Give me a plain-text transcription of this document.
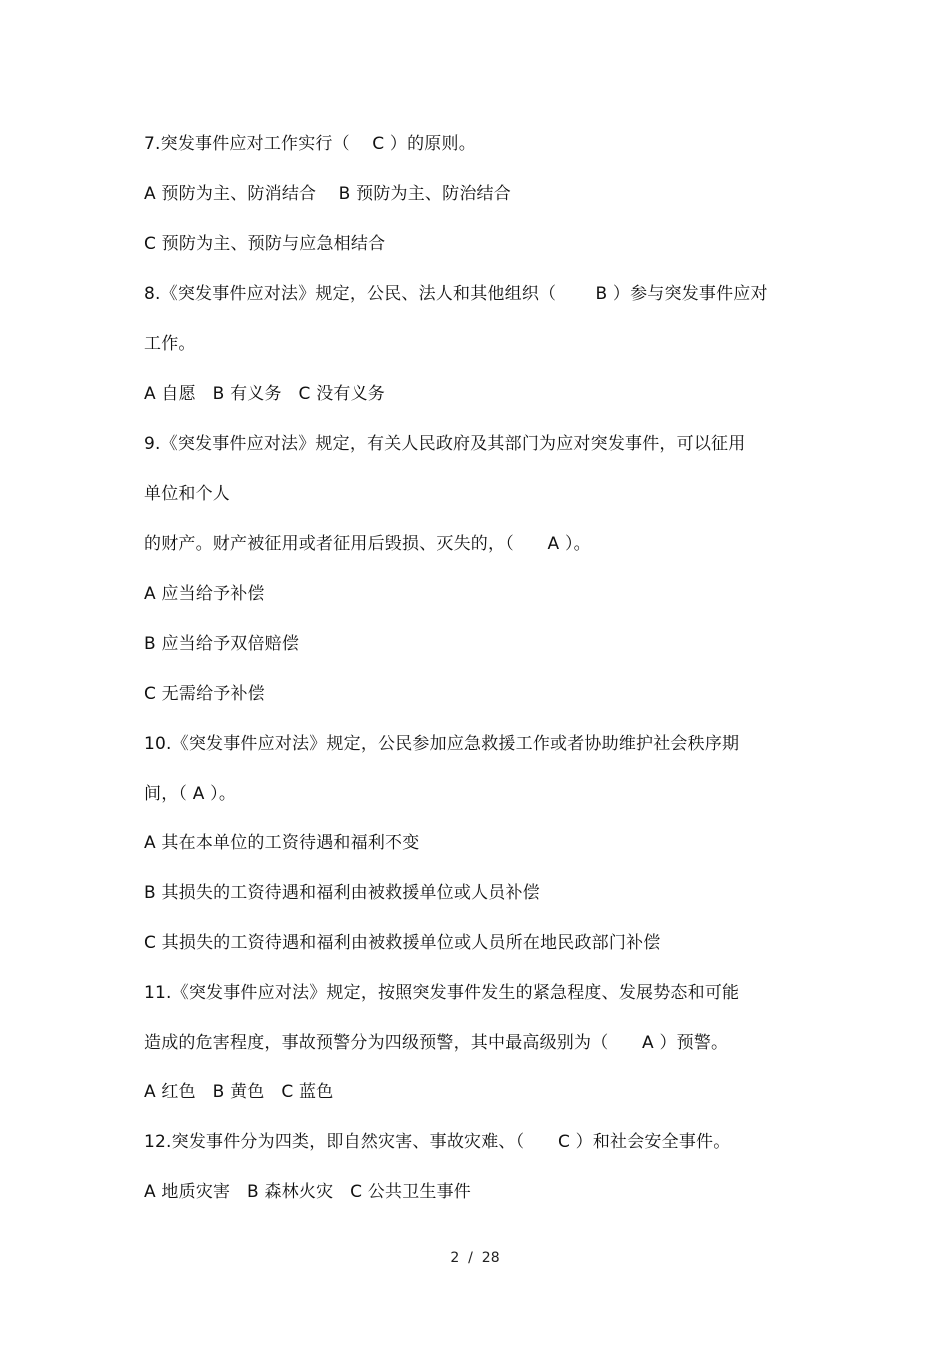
7.突发事件应对工作实行（    C ）的原则。
A 预防为主、防消结合    B 预防为主、防治结合
C 预防为主、预防与应急相结合
8.《突发事件应对法》规定，公民、法人和其他组织（       B ）参与突发事件应对
工作。
A 自愿   B 有义务   C 没有义务
9.《突发事件应对法》规定，有关人民政府及其部门为应对突发事件，可以征用
单位和个人
的财产。财产被征用或者征用后毁损、灭失的，（      A ）。
A 应当给予补偿
B 应当给予双倍赔偿
C 无需给予补偿
10.《突发事件应对法》规定，公民参加应急救援工作或者协助维护社会秩序期
间，（ A ）。
A 其在本单位的工资待遇和福利不变
B 其损失的工资待遇和福利由被救援单位或人员补偿
C 其损失的工资待遇和福利由被救援单位或人员所在地民政部门补偿
11.《突发事件应对法》规定，按照突发事件发生的紧急程度、发展势态和可能
造成的危害程度，事故预警分为四级预警，其中最高级别为（      A ）预警。
A 红色   B 黄色   C 蓝色
12.突发事件分为四类，即自然灾害、事故灾难、（      C ）和社会安全事件。
A 地质灾害   B 森林火灾   C 公共卫生事件
2  /  28
